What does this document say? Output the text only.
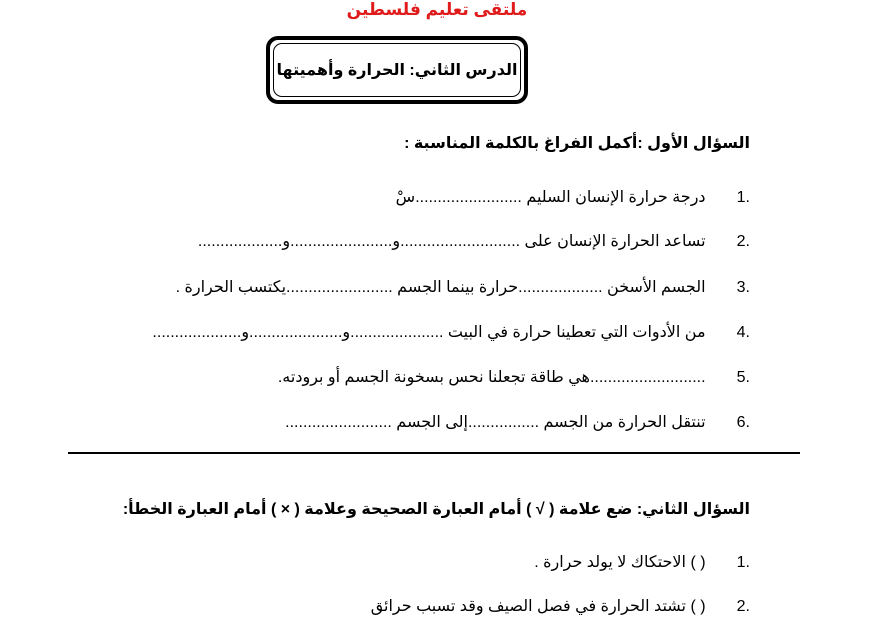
ملتقى تعليم فلسطين
الدرس الثاني: الحرارة وأهميتها
السؤال الأول :أكمل الفراغ بالكلمة المناسبة :
.1 درجة حرارة الإنسان السليم ........................سْ
.2 تساعد الحرارة الإنسان على ...........................و.......................و...................
.3 الجسم الأسخن ...................حرارة بينما الجسم ........................يكتسب الحرارة .
.4 من الأدوات التي تعطينا حرارة في البيت .....................و.....................و....................
.5 ..........................هي طاقة تجعلنا نحس بسخونة الجسم أو برودته.
.6 تنتقل الحرارة من الجسم ................إلى الجسم ........................
السؤال الثاني: ضع علامة ( √ ) أمام العبارة الصحيحة وعلامة ( × ) أمام العبارة الخطأ:
.1 ( ) الاحتكاك لا يولد حرارة .
.2 ( ) تشتد الحرارة في فصل الصيف وقد تسبب حرائق
